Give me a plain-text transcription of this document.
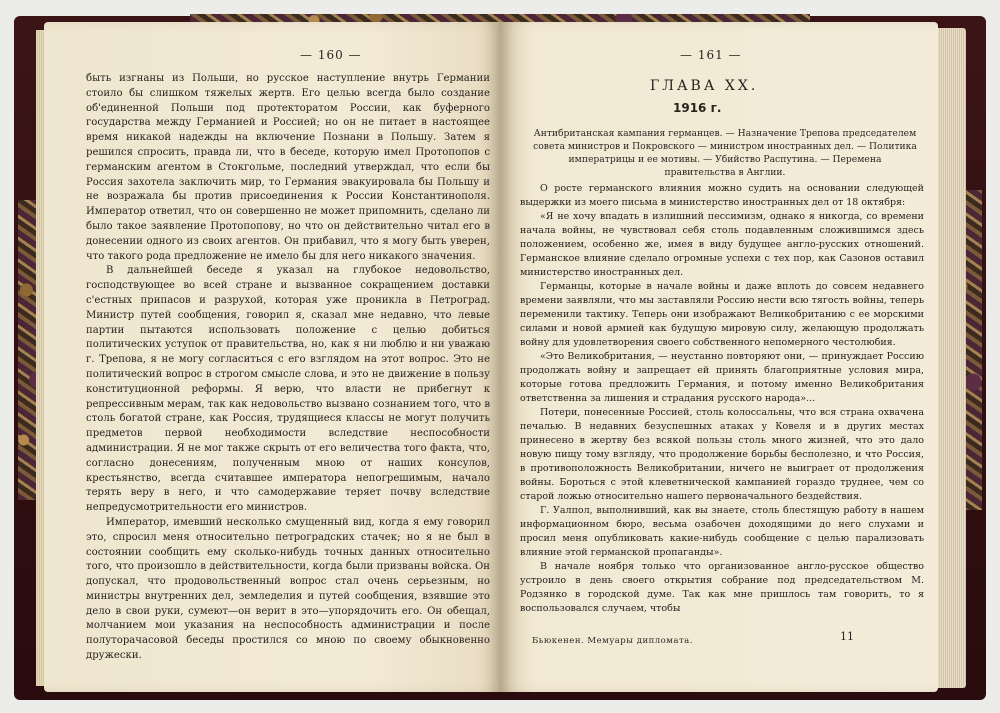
— 160 —

быть изгнаны из Польши, но русское наступление внутрь Германии стоило бы слишком тяжелых жертв. Его целью всегда было создание об'единенной Польши под протекторатом России, как буферного государства между Германией и Россией; но он не питает в настоящее время никакой надежды на включение Познани в Польшу. Затем я решился спросить, правда ли, что в беседе, которую имел Протопопов с германским агентом в Стокгольме, последний утверждал, что если бы Россия захотела заключить мир, то Германия эвакуировала бы Польшу и не возражала бы против присоединения к России Константинополя. Император ответил, что он совершенно не может припомнить, сделано ли было такое заявление Протопопову, но что он действительно читал его в донесении одного из своих агентов. Он прибавил, что я могу быть уверен, что такого рода предложение не имело бы для него никакого значения.

В дальнейшей беседе я указал на глубокое недовольство, господствующее во всей стране и вызванное сокращением доставки с'естных припасов и разрухой, которая уже проникла в Петроград. Министр путей сообщения, говорил я, сказал мне недавно, что левые партии пытаются использовать положение с целью добиться политических уступок от правительства, но, как я ни люблю и ни уважаю г. Трепова, я не могу согласиться с его взглядом на этот вопрос. Это не политический вопрос в строгом смысле слова, и это не движение в пользу конституционной реформы. Я верю, что власти не прибегнут к репрессивным мерам, так как недовольство вызвано сознанием того, что в столь богатой стране, как Россия, трудящиеся классы не могут получить предметов первой необходимости вследствие неспособности администрации. Я не мог также скрыть от его величества того факта, что, согласно донесениям, полученным мною от наших консулов, крестьянство, всегда считавшее императора непогрешимым, начало терять веру в него, и что самодержавие теряет почву вследствие непредусмотрительности его министров.

Император, имевший несколько смущенный вид, когда я ему говорил это, спросил меня относительно петроградских стачек; но я не был в состоянии сообщить ему сколько-нибудь точных данных относительно того, что произошло в действительности, когда были призваны войска. Он допускал, что продовольственный вопрос стал очень серьезным, но министры внутренних дел, земледелия и путей сообщения, взявшие это дело в свои руки, сумеют—он верит в это—упорядочить его. Он обещал, молчанием мои указания на неспособность администрации и после полуторачасовой беседы простился со мною по своему обыкновенно дружески.

— 161 —
ГЛАВА XX.
1916 г.
Антибританская кампания германцев. — Назначение Трепова председателем совета министров и Покровского — министром иностранных дел. — Политика императрицы и ее мотивы. — Убийство Распутина. — Перемена правительства в Англии.

О росте германского влияния можно судить на основании следующей выдержки из моего письма в министерство иностранных дел от 18 октября:

«Я не хочу впадать в излишний пессимизм, однако я никогда, со времени начала войны, не чувствовал себя столь подавленным сложившимся здесь положением, особенно же, имея в виду будущее англо-русских отношений. Германское влияние сделало огромные успехи с тех пор, как Сазонов оставил министерство иностранных дел.

Германцы, которые в начале войны и даже вплоть до совсем недавнего времени заявляли, что мы заставляли Россию нести всю тягость войны, теперь переменили тактику. Теперь они изображают Великобританию с ее морскими силами и новой армией как будущую мировую силу, желающую продолжать войну для удовлетворения своего собственного непомерного честолюбия.

«Это Великобритания, — неустанно повторяют они, — принуждает Россию продолжать войну и запрещает ей принять благоприятные условия мира, которые готова предложить Германия, и потому именно Великобритания ответственна за лишения и страдания русского народа»...

Потери, понесенные Россией, столь колоссальны, что вся страна охвачена печалью. В недавних безуспешных атаках у Ковеля и в других местах принесено в жертву без всякой пользы столь много жизней, что это дало новую пищу тому взгляду, что продолжение борьбы бесполезно, и что Россия, в противоположность Великобритании, ничего не выиграет от продолжения войны. Бороться с этой клеветнической кампанией гораздо труднее, чем со старой ложью относительно нашего первоначального бездействия.

Г. Уалпол, выполнивший, как вы знаете, столь блестящую работу в нашем информационном бюро, весьма озабочен доходящими до него слухами и просил меня опубликовать какие-нибудь сообщение с целью парализовать влияние этой германской пропаганды».

В начале ноября только что организованное англо-русское общество устроило в день своего открытия собрание под председательством М. Родзянко в городской думе. Так как мне пришлось там говорить, то я воспользовался случаем, чтобы

Бьюкенен. Мемуары дипломата.	11
